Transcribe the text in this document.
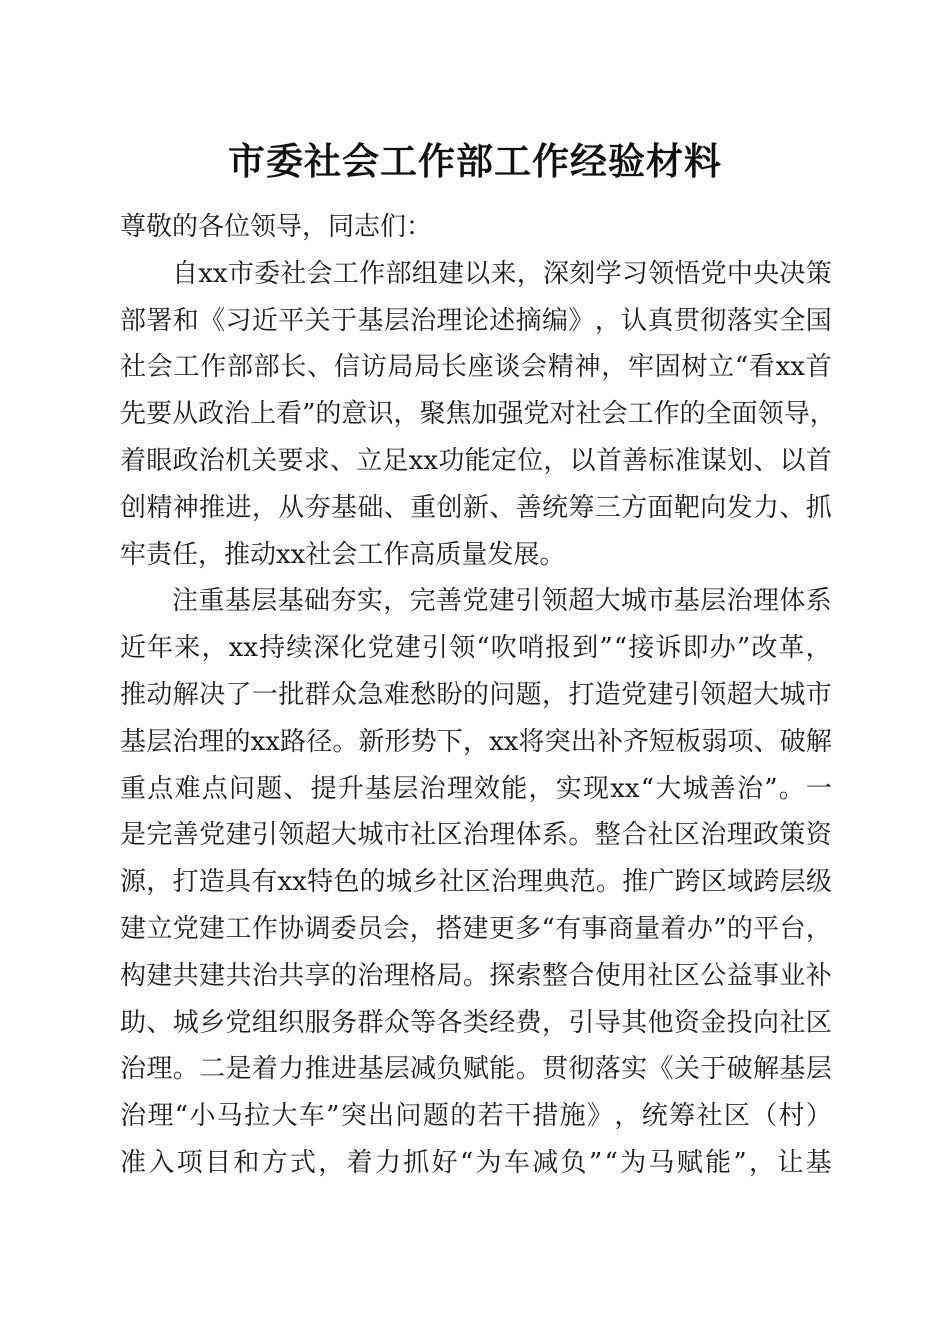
市委社会工作部工作经验材料
尊敬的各位领导，同志们：
自 xx 市 委 社 会 工 作 部 组 建 以 来 ， 深 刻 学 习 领 悟 党 中 央 决 策
部 署 和 《 习 近 平 关 于 基 层 治 理 论 述 摘 编 》 ， 认 真 贯 彻 落 实 全 国
社 会 工 作 部 部 长 、 信 访 局 局 长 座 谈 会 精 神 ， 牢 固 树 立 “ 看 xx 首
先 要 从 政 治 上 看 ” 的 意 识 ， 聚 焦 加 强 党 对 社 会 工 作 的 全 面 领 导 ，
着 眼 政 治 机 关 要 求 、 立 足 xx 功 能 定 位 ， 以 首 善 标 准 谋 划 、 以 首
创 精 神 推 进 ， 从 夯 基 础 、 重 创 新 、 善 统 筹 三 方 面 靶 向 发 力 、 抓
牢责任，推动xx社会工作高质量发展。
注 重 基 层 基 础 夯 实 ， 完 善 党 建 引 领 超 大 城 市 基 层 治 理 体 系
近 年 来 ， xx 持 续 深 化 党 建 引 领 “ 吹 哨 报 到 ” “ 接 诉 即 办 ” 改 革 ，
推 动 解 决 了 一 批 群 众 急 难 愁 盼 的 问 题 ， 打 造 党 建 引 领 超 大 城 市
基 层 治 理 的 xx 路 径 。 新 形 势 下 ， xx 将 突 出 补 齐 短 板 弱 项 、 破 解
重 点 难 点 问 题 、 提 升 基 层 治 理 效 能 ， 实 现 xx “ 大 城 善 治 ” 。 一
是 完 善 党 建 引 领 超 大 城 市 社 区 治 理 体 系 。 整 合 社 区 治 理 政 策 资
源 ， 打 造 具 有 xx 特 色 的 城 乡 社 区 治 理 典 范 。 推 广 跨 区 域 跨 层 级
建 立 党 建 工 作 协 调 委 员 会 ， 搭 建 更 多 “ 有 事 商 量 着 办 ” 的 平 台 ，
构 建 共 建 共 治 共 享 的 治 理 格 局 。 探 索 整 合 使 用 社 区 公 益 事 业 补
助 、 城 乡 党 组 织 服 务 群 众 等 各 类 经 费 ， 引 导 其 他 资 金 投 向 社 区
治 理 。 二 是 着 力 推 进 基 层 减 负 赋 能 。 贯 彻 落 实 《 关 于 破 解 基 层
治 理 “ 小 马 拉 大 车 ” 突 出 问 题 的 若 干 措 施 》 ， 统 筹 社 区 （ 村 ）
准 入 项 目 和 方 式 ， 着 力 抓 好 “ 为 车 减 负 ” “ 为 马 赋 能 ” ， 让 基
